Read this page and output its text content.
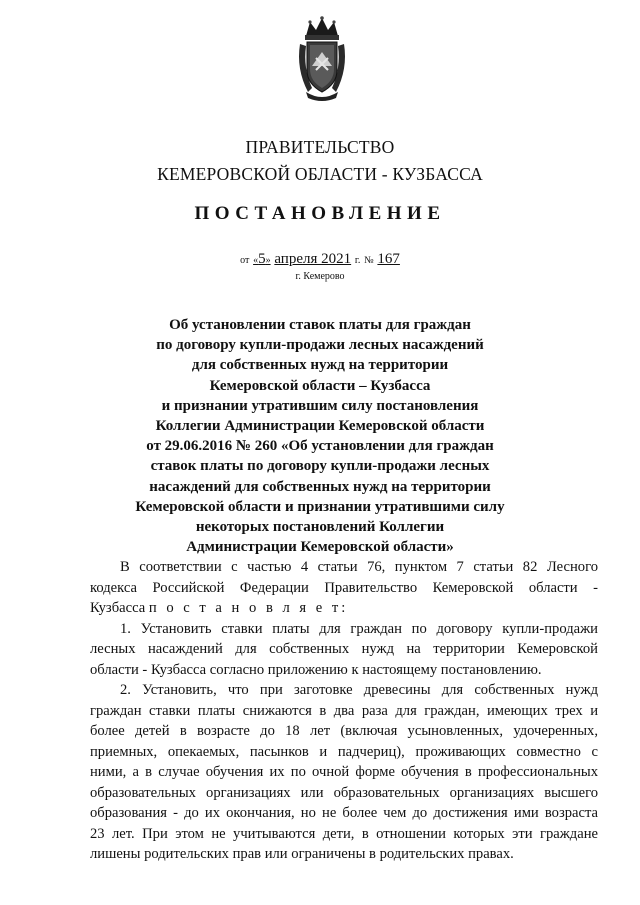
ПРАВИТЕЛЬСТВО
КЕМЕРОВСКОЙ ОБЛАСТИ - КУЗБАССА
ПОСТАНОВЛЕНИЕ
от «5» апреля 2021 г. № 167
г. Кемерово
Об установлении ставок платы для граждан
по договору купли-продажи лесных насаждений
для собственных нужд на территории
Кемеровской области – Кузбасса
и признании утратившим силу постановления
Коллегии Администрации Кемеровской области
от 29.06.2016 № 260 «Об установлении для граждан
ставок платы по договору купли-продажи лесных
насаждений для собственных нужд на территории
Кемеровской области и признании утратившими силу
некоторых постановлений Коллегии
Администрации Кемеровской области»
В соответствии с частью 4 статьи 76, пунктом 7 статьи 82 Лесного
кодекса Российской Федерации Правительство Кемеровской области -
Кузбасса п о с т а н о в л я е т:
1. Установить ставки платы для граждан по договору купли-продажи
лесных насаждений для собственных нужд на территории Кемеровской
области - Кузбасса согласно приложению к настоящему постановлению.
2. Установить, что при заготовке древесины для собственных нужд
граждан ставки платы снижаются в два раза для граждан, имеющих трех и
более детей в возрасте до 18 лет (включая усыновленных, удочеренных,
приемных, опекаемых, пасынков и падчериц), проживающих совместно с
ними, а в случае обучения их по очной форме обучения в профессиональных
образовательных организациях или образовательных организациях высшего
образования - до их окончания, но не более чем до достижения ими возраста
23 лет. При этом не учитываются дети, в отношении которых эти граждане
лишены родительских прав или ограничены в родительских правах.
